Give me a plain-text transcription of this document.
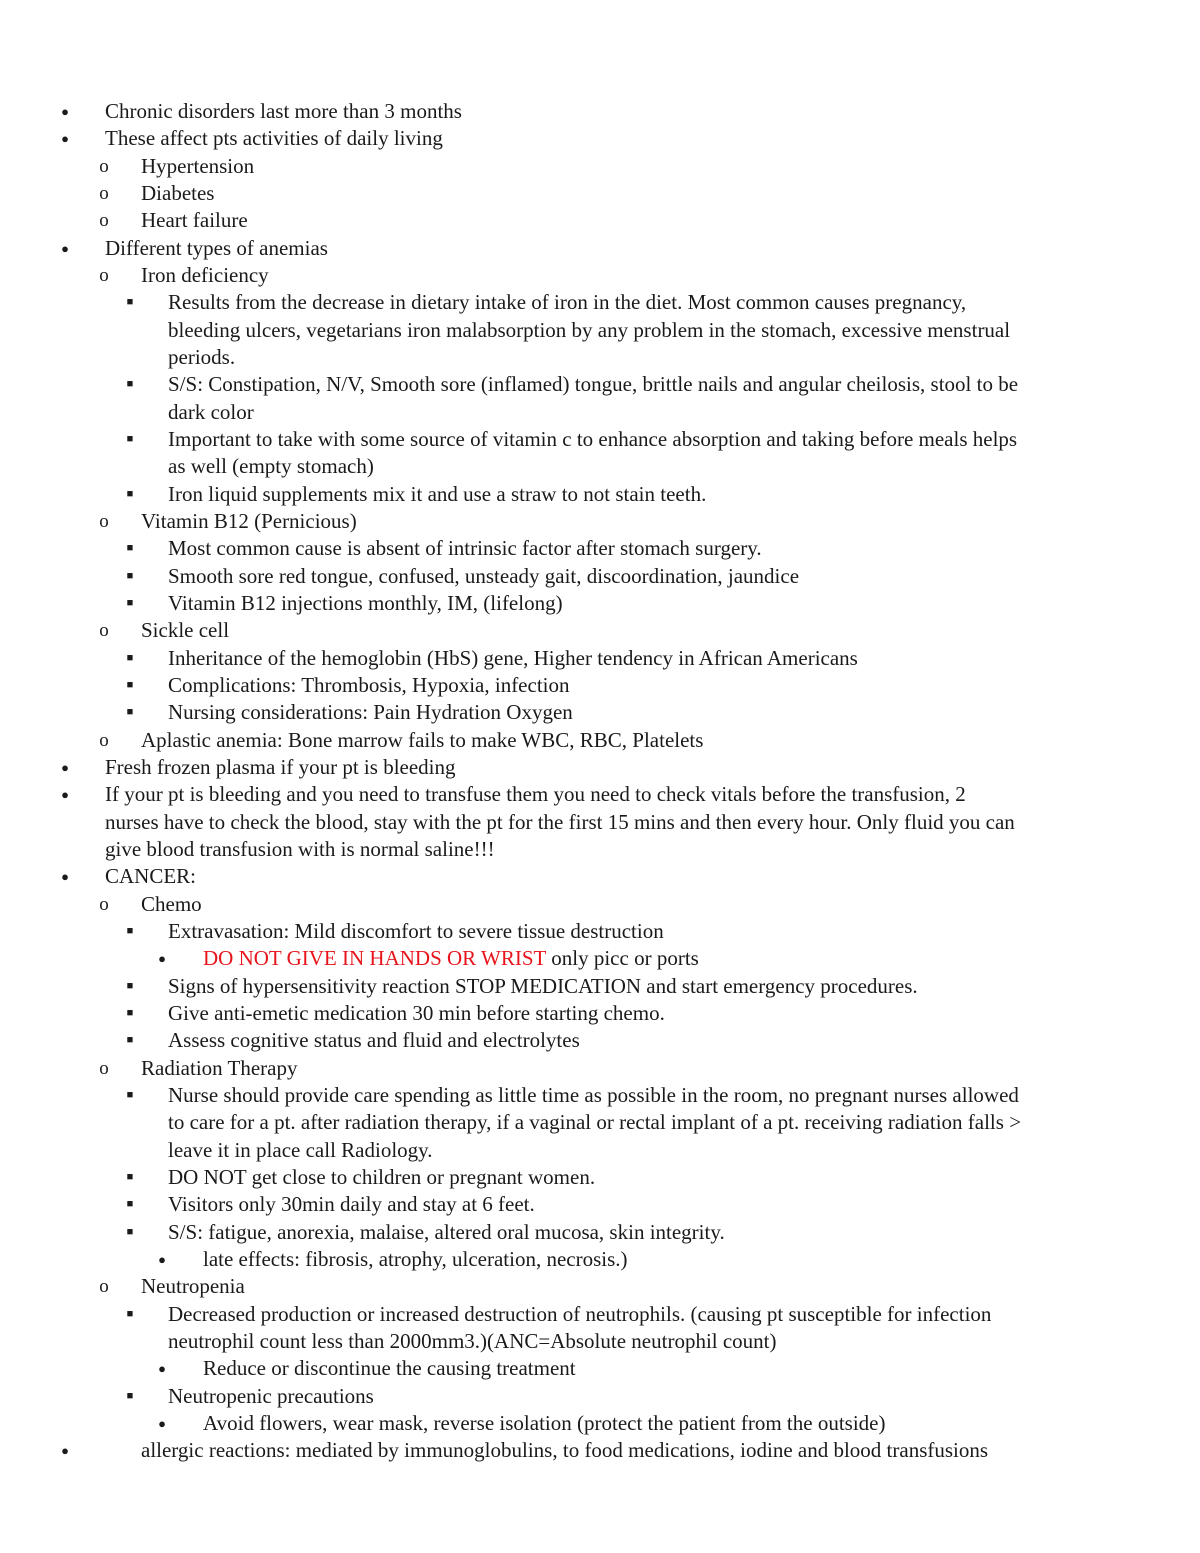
●	Chronic disorders last more than 3 months
●	These affect pts activities of daily living
o	Hypertension
o	Diabetes
o	Heart failure
●	Different types of anemias
o	Iron deficiency
■	Results from the decrease in dietary intake of iron in the diet. Most common causes pregnancy,
bleeding ulcers, vegetarians iron malabsorption by any problem in the stomach, excessive menstrual
periods.
■	S/S: Constipation, N/V, Smooth sore (inflamed) tongue, brittle nails and angular cheilosis, stool to be
dark color
■	Important to take with some source of vitamin c to enhance absorption and taking before meals helps
as well (empty stomach)
■	Iron liquid supplements mix it and use a straw to not stain teeth.
o	Vitamin B12 (Pernicious)
■	Most common cause is absent of intrinsic factor after stomach surgery.
■	Smooth sore red tongue, confused, unsteady gait, discoordination, jaundice
■	Vitamin B12 injections monthly, IM, (lifelong)
o	Sickle cell
■	Inheritance of the hemoglobin (HbS) gene, Higher tendency in African Americans
■	Complications: Thrombosis, Hypoxia, infection
■	Nursing considerations: Pain Hydration Oxygen
o	Aplastic anemia: Bone marrow fails to make WBC, RBC, Platelets
●	Fresh frozen plasma if your pt is bleeding
●	If your pt is bleeding and you need to transfuse them you need to check vitals before the transfusion, 2
nurses have to check the blood, stay with the pt for the first 15 mins and then every hour. Only fluid you can
give blood transfusion with is normal saline!!!
●	CANCER:
o	Chemo
■	Extravasation: Mild discomfort to severe tissue destruction
●	DO NOT GIVE IN HANDS OR WRIST only picc or ports
■	Signs of hypersensitivity reaction STOP MEDICATION and start emergency procedures.
■	Give anti-emetic medication 30 min before starting chemo.
■	Assess cognitive status and fluid and electrolytes
o	Radiation Therapy
■	Nurse should provide care spending as little time as possible in the room, no pregnant nurses allowed
to care for a pt. after radiation therapy, if a vaginal or rectal implant of a pt. receiving radiation falls >
leave it in place call Radiology.
■	DO NOT get close to children or pregnant women.
■	Visitors only 30min daily and stay at 6 feet.
■	S/S: fatigue, anorexia, malaise, altered oral mucosa, skin integrity.
●	late effects: fibrosis, atrophy, ulceration, necrosis.)
o	Neutropenia
■	Decreased production or increased destruction of neutrophils. (causing pt susceptible for infection
neutrophil count less than 2000mm3.)(ANC=Absolute neutrophil count)
●	Reduce or discontinue the causing treatment
■	Neutropenic precautions
●	Avoid flowers, wear mask, reverse isolation (protect the patient from the outside)
●	allergic reactions: mediated by immunoglobulins, to food medications, iodine and blood transfusions
